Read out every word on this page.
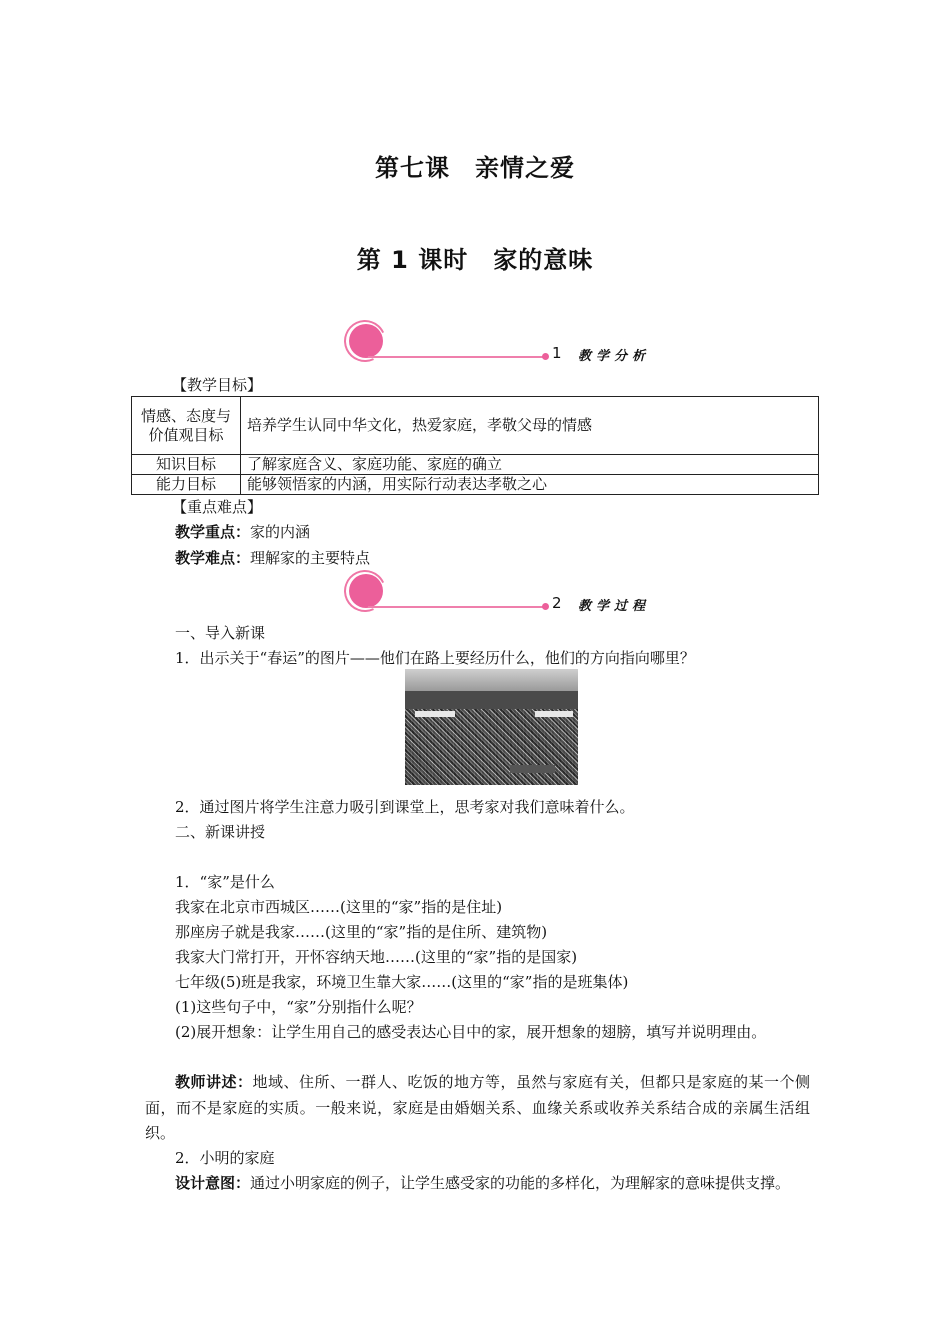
第七课　亲情之爱
第 1 课时　家的意味
1 教学分析
【教学目标】
情感、态度与价值观目标	培养学生认同中华文化，热爱家庭，孝敬父母的情感
知识目标	了解家庭含义、家庭功能、家庭的确立
能力目标	能够领悟家的内涵，用实际行动表达孝敬之心
【重点难点】
教学重点：家的内涵
教学难点：理解家的主要特点
2 教学过程
一、导入新课
1．出示关于“春运”的图片——他们在路上要经历什么，他们的方向指向哪里？
2．通过图片将学生注意力吸引到课堂上，思考家对我们意味着什么。
二、新课讲授
1．“家”是什么
我家在北京市西城区……(这里的“家”指的是住址)
那座房子就是我家……(这里的“家”指的是住所、建筑物)
我家大门常打开，开怀容纳天地……(这里的“家”指的是国家)
七年级(5)班是我家，环境卫生靠大家……(这里的“家”指的是班集体)
(1)这些句子中，“家”分别指什么呢？
(2)展开想象：让学生用自己的感受表达心目中的家，展开想象的翅膀，填写并说明理由。
教师讲述：地域、住所、一群人、吃饭的地方等，虽然与家庭有关，但都只是家庭的某一个侧面，而不是家庭的实质。一般来说，家庭是由婚姻关系、血缘关系或收养关系结合成的亲属生活组织。
2．小明的家庭
设计意图：通过小明家庭的例子，让学生感受家的功能的多样化，为理解家的意味提供支撑。
